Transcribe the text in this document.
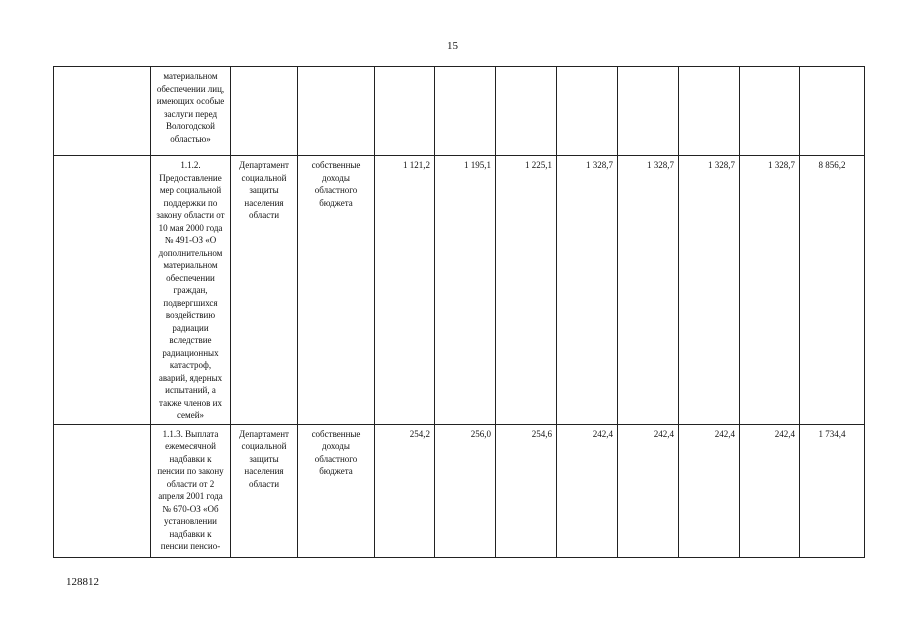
15
	материальном обеспечении лиц, имеющих особые заслуги перед Вологодской областью»										
	1.1.2. Предоставление мер социальной поддержки по закону области от 10 мая 2000 года № 491-ОЗ «О дополнительном материальном обеспечении граждан, подвергшихся воздействию радиации вследствие радиационных катастроф, аварий, ядерных испытаний, а также членов их семей»	Департамент социальной защиты населения области	собственные доходы областного бюджета	1 121,2	1 195,1	1 225,1	1 328,7	1 328,7	1 328,7	1 328,7	8 856,2
	1.1.3. Выплата ежемесячной надбавки к пенсии по закону области от 2 апреля 2001 года № 670-ОЗ «Об установлении надбавки к пенсии пенсио-	Департамент социальной защиты населения области	собственные доходы областного бюджета	254,2	256,0	254,6	242,4	242,4	242,4	242,4	1 734,4
128812
